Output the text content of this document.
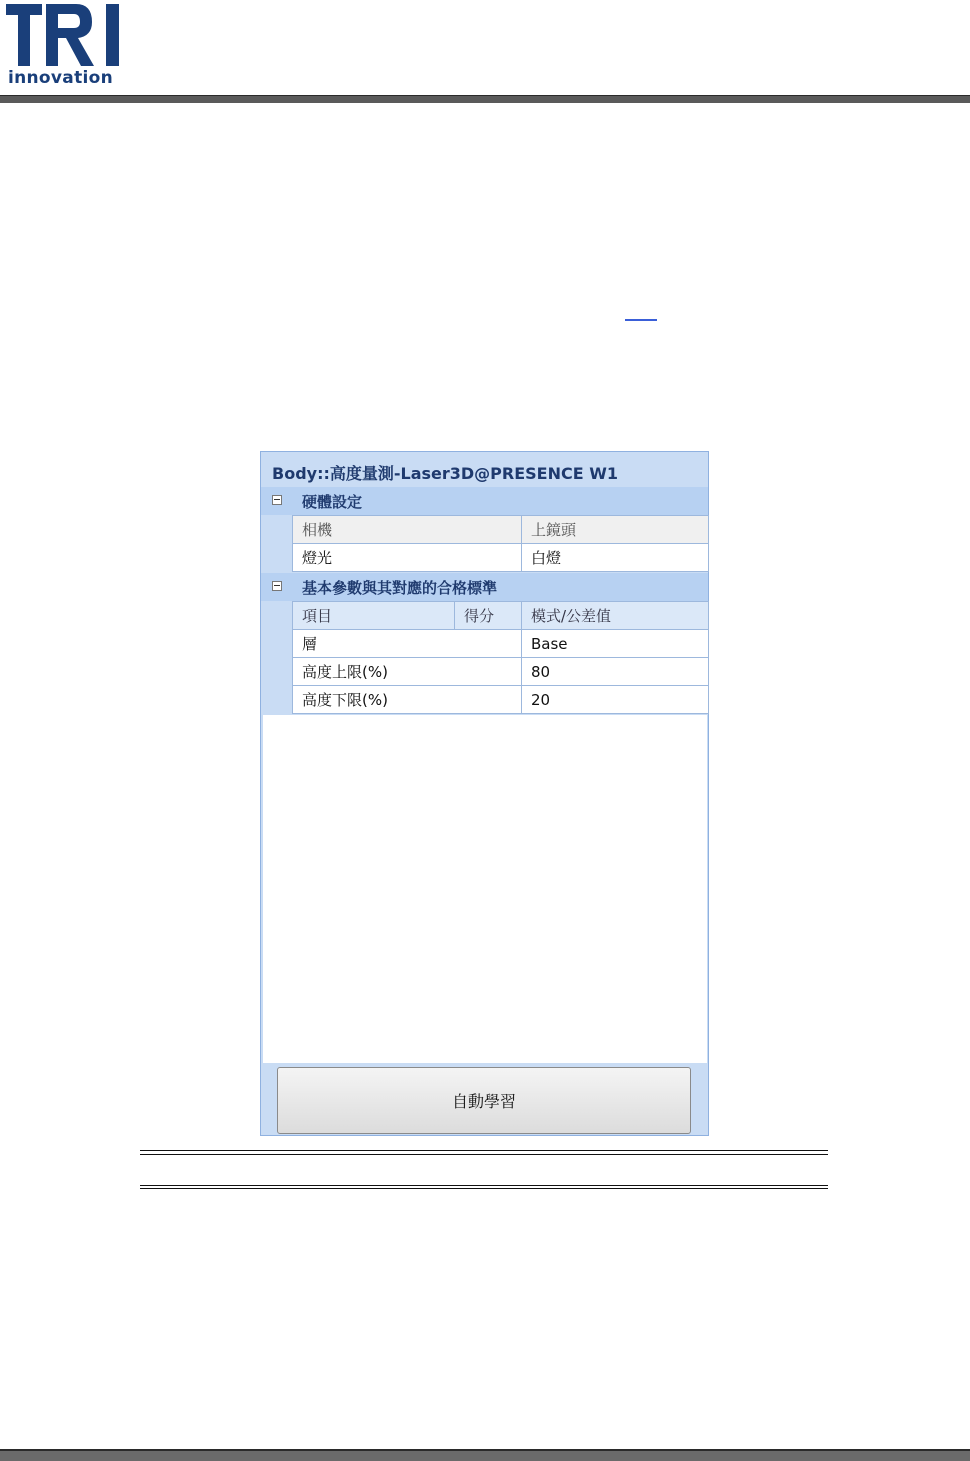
innovation
Body::高度量測-Laser3D@PRESENCE W1
硬體設定
相機	上鏡頭
燈光	白燈
基本參數與其對應的合格標準
項目	得分	模式/公差值
層		Base
高度上限(%)		80
高度下限(%)		20
自動學習
